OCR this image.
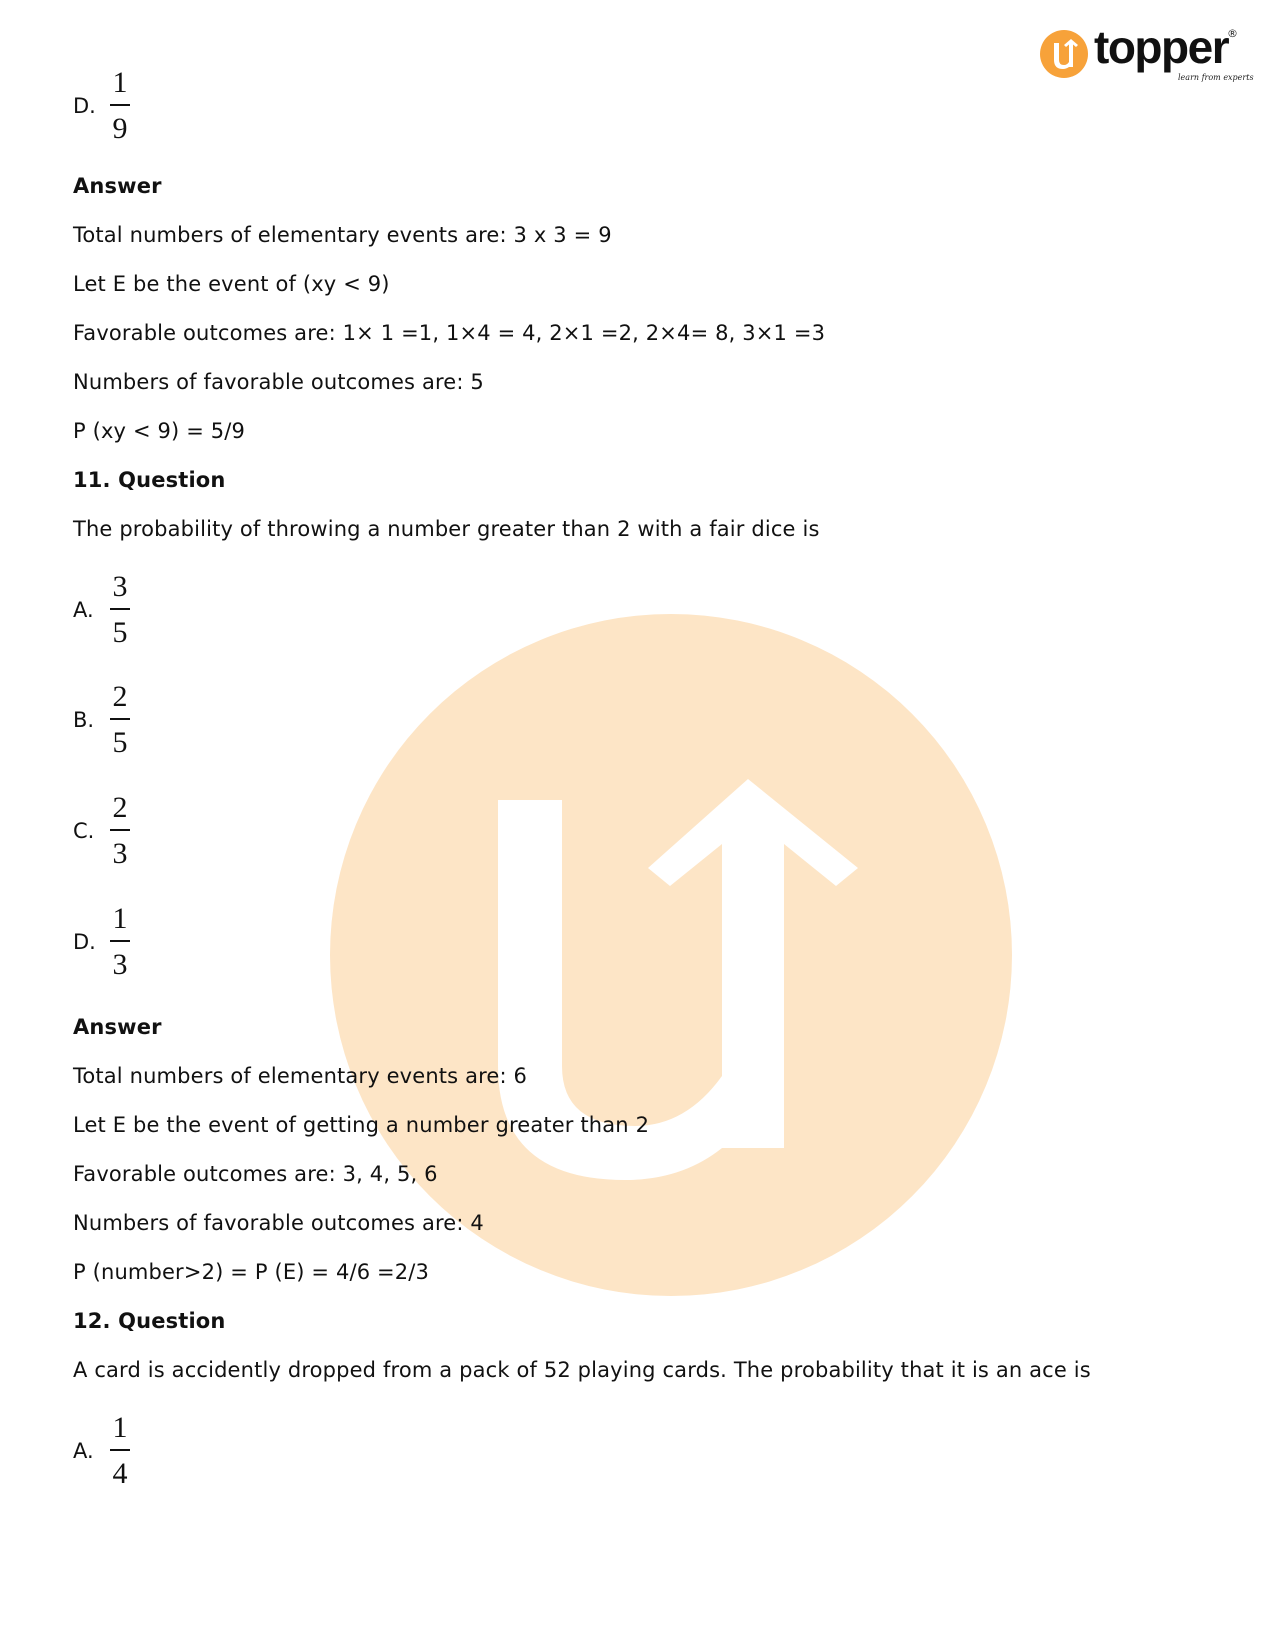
topper
®
learn from experts
D.
1
9
Answer
Total numbers of elementary events are: 3 x 3 = 9
Let E be the event of (xy < 9)
Favorable outcomes are: 1× 1 =1, 1×4 = 4, 2×1 =2, 2×4= 8, 3×1 =3
Numbers of favorable outcomes are: 5
P (xy < 9) = 5/9
11. Question
The probability of throwing a number greater than 2 with a fair dice is
A.
3
5
B.
2
5
C.
2
3
D.
1
3
Answer
Total numbers of elementary events are: 6
Let E be the event of getting a number greater than 2
Favorable outcomes are: 3, 4, 5, 6
Numbers of favorable outcomes are: 4
P (number>2) = P (E) = 4/6 =2/3
12. Question
A card is accidently dropped from a pack of 52 playing cards. The probability that it is an ace is
A.
1
4
